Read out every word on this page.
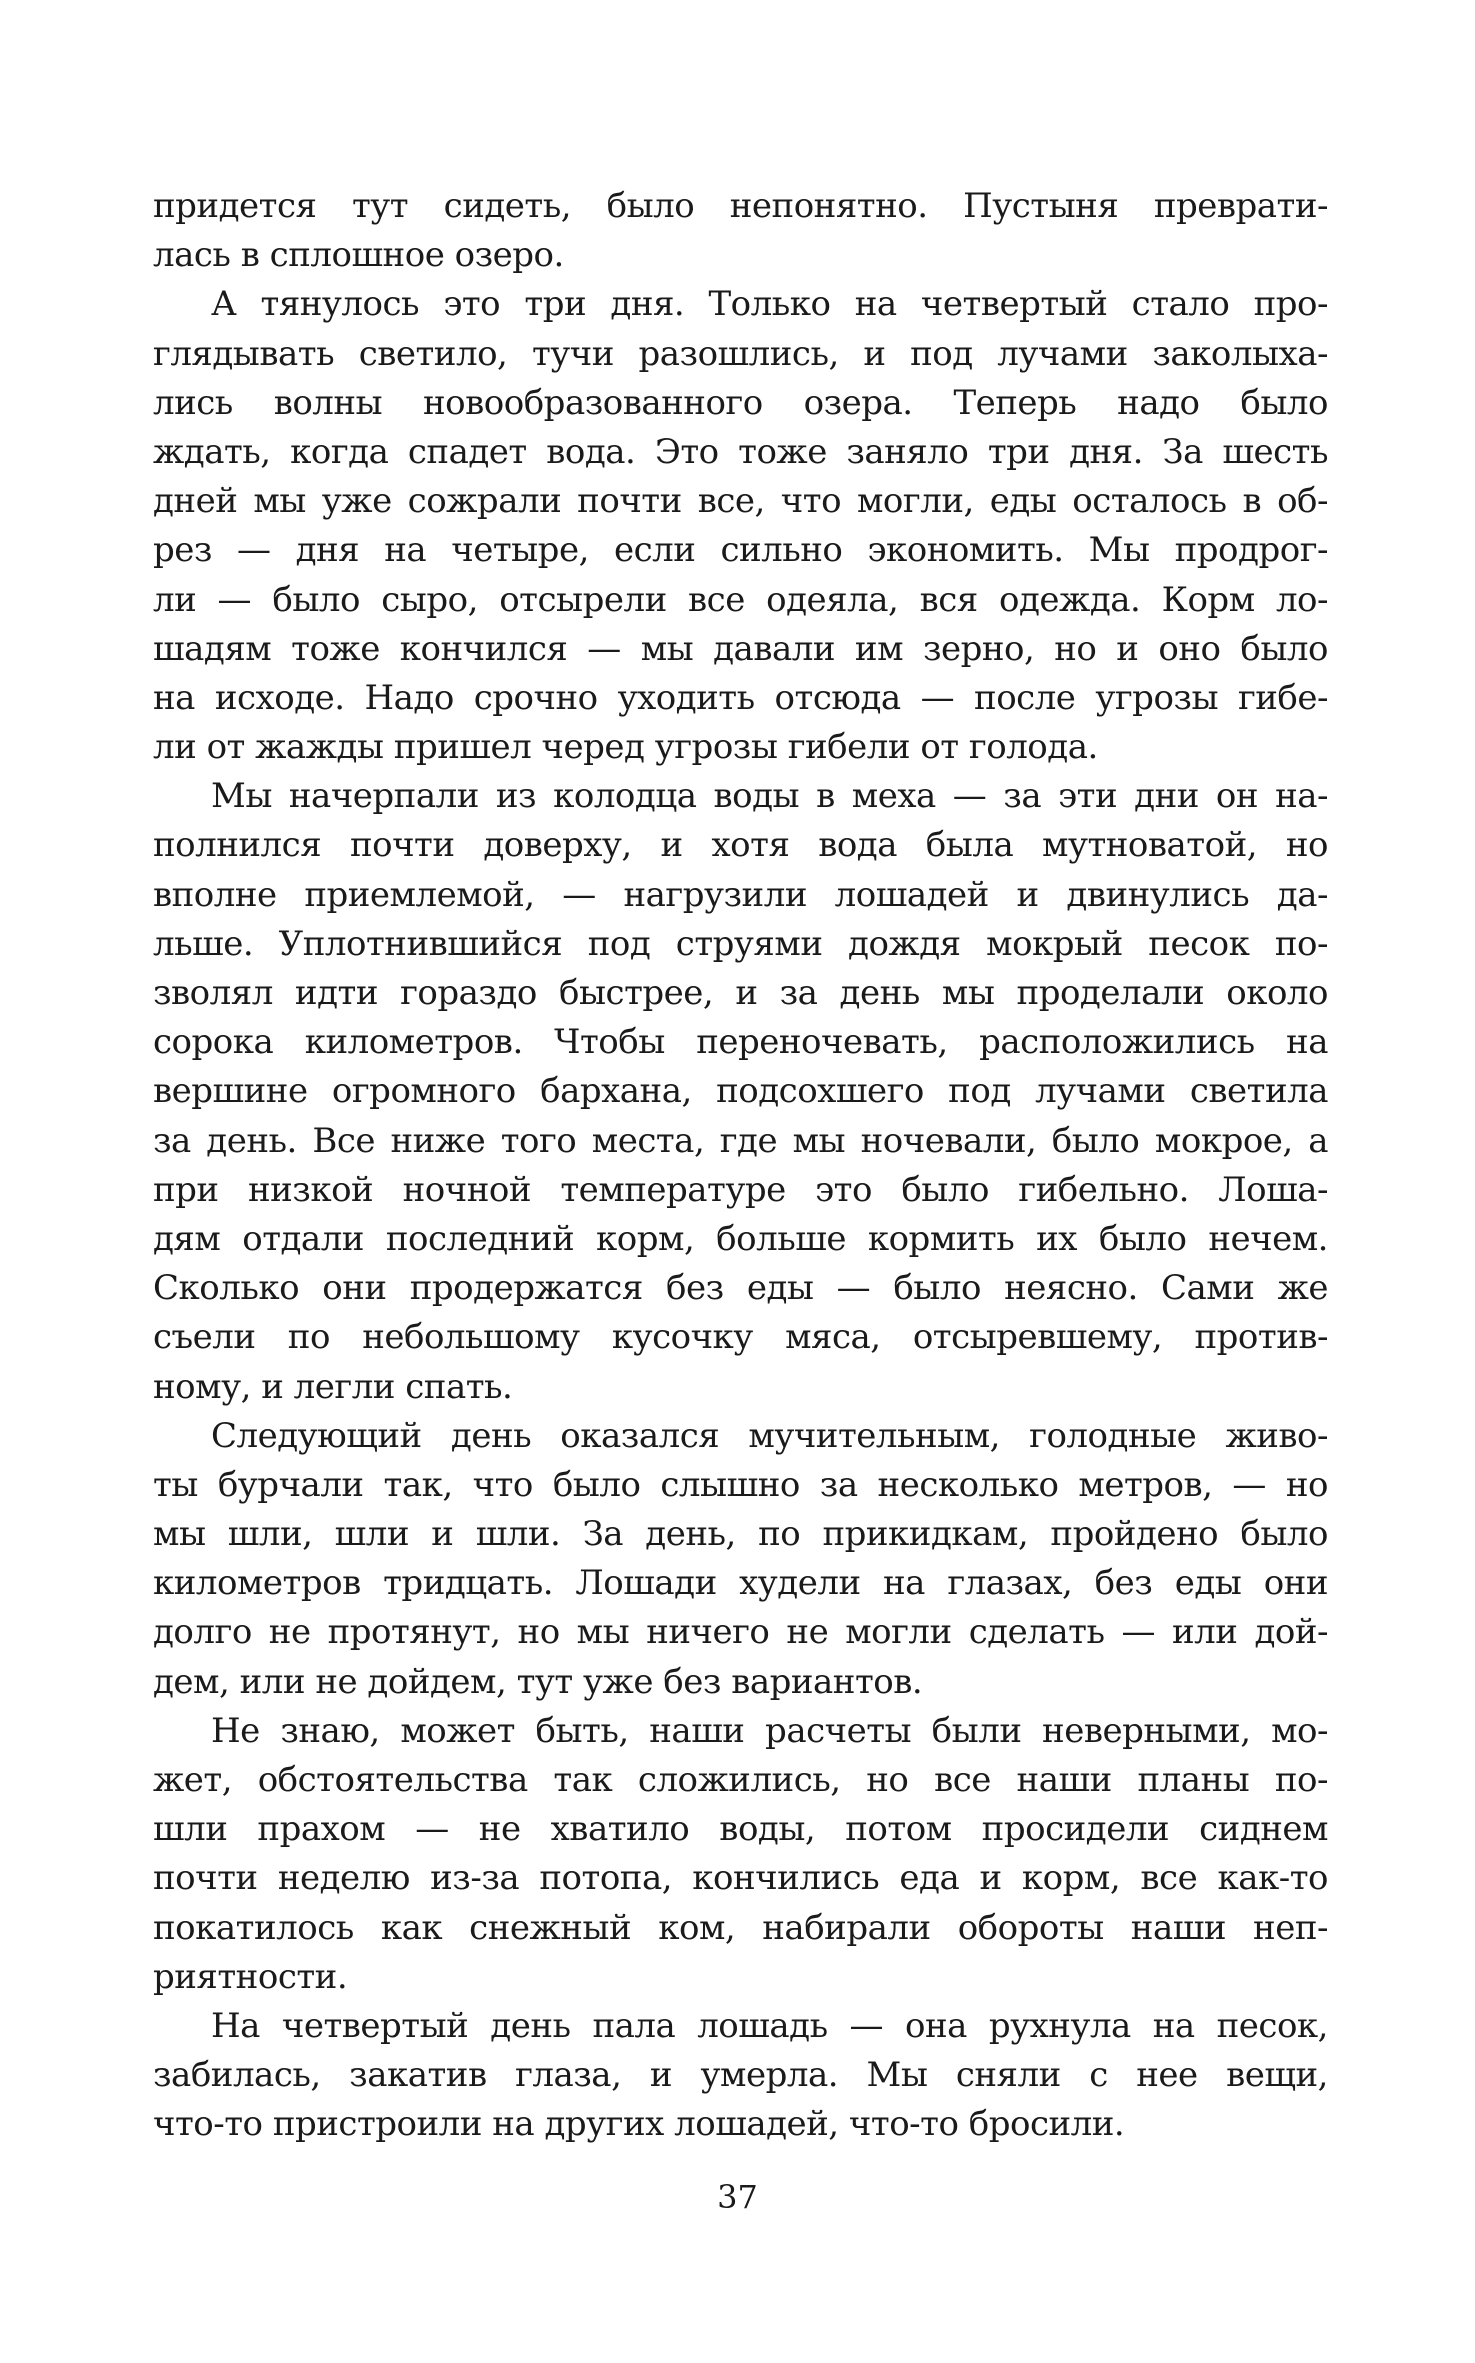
придется тут сидеть, было непонятно. Пустыня преврати-
лась в сплошное озеро.
А тянулось это три дня. Только на четвертый стало про-
глядывать светило, тучи разошлись, и под лучами заколыха-
лись волны новообразованного озера. Теперь надо было
ждать, когда спадет вода. Это тоже заняло три дня. За шесть
дней мы уже сожрали почти все, что могли, еды осталось в об-
рез — дня на четыре, если сильно экономить. Мы продрог-
ли — было сыро, отсырели все одеяла, вся одежда. Корм ло-
шадям тоже кончился — мы давали им зерно, но и оно было
на исходе. Надо срочно уходить отсюда — после угрозы гибе-
ли от жажды пришел черед угрозы гибели от голода.
Мы начерпали из колодца воды в меха — за эти дни он на-
полнился почти доверху, и хотя вода была мутноватой, но
вполне приемлемой, — нагрузили лошадей и двинулись да-
льше. Уплотнившийся под струями дождя мокрый песок по-
зволял идти гораздо быстрее, и за день мы проделали около
сорока километров. Чтобы переночевать, расположились на
вершине огромного бархана, подсохшего под лучами светила
за день. Все ниже того места, где мы ночевали, было мокрое, а
при низкой ночной температуре это было гибельно. Лоша-
дям отдали последний корм, больше кормить их было нечем.
Сколько они продержатся без еды — было неясно. Сами же
съели по небольшому кусочку мяса, отсыревшему, против-
ному, и легли спать.
Следующий день оказался мучительным, голодные живо-
ты бурчали так, что было слышно за несколько метров, — но
мы шли, шли и шли. За день, по прикидкам, пройдено было
километров тридцать. Лошади худели на глазах, без еды они
долго не протянут, но мы ничего не могли сделать — или дой-
дем, или не дойдем, тут уже без вариантов.
Не знаю, может быть, наши расчеты были неверными, мо-
жет, обстоятельства так сложились, но все наши планы по-
шли прахом — не хватило воды, потом просидели сиднем
почти неделю из-за потопа, кончились еда и корм, все как-то
покатилось как снежный ком, набирали обороты наши неп-
риятности.
На четвертый день пала лошадь — она рухнула на песок,
забилась, закатив глаза, и умерла. Мы сняли с нее вещи,
что-то пристроили на других лошадей, что-то бросили.
37
